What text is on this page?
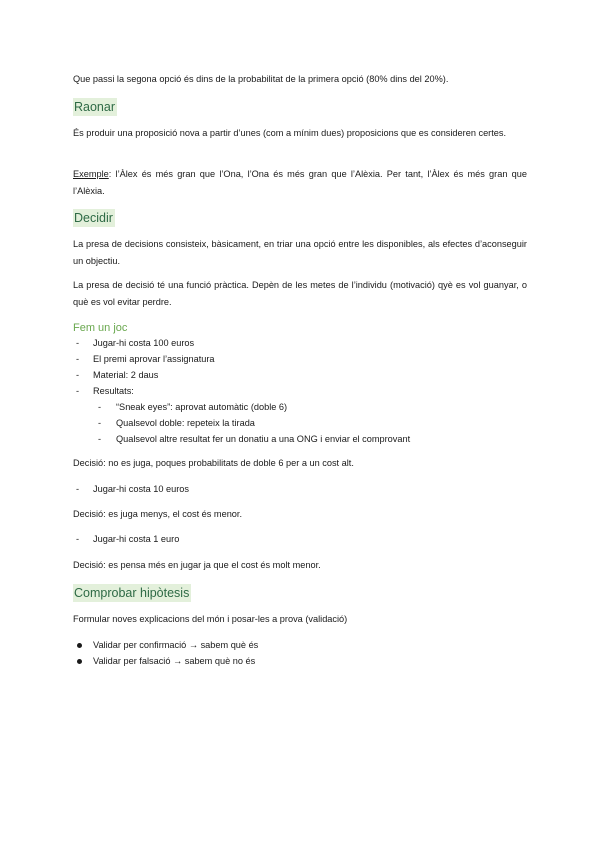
Que passi la segona opció és dins de la probabilitat de la primera opció (80% dins del 20%).

Raonar

És produir una proposició nova a partir d’unes (com a mínim dues) proposicions que es consideren certes.

Exemple: l’Àlex és més gran que l’Ona, l’Ona és més gran que l’Alèxia. Per tant, l’Àlex és més gran que l’Alèxia.

Decidir

La presa de decisions consisteix, bàsicament, en triar una opció entre les disponibles, als efectes d’aconseguir un objectiu.

La presa de decisió té una funció pràctica. Depèn de les metes de l’individu (motivació) qyè es vol guanyar, o què es vol evitar perdre.

Fem un joc
- Jugar-hi costa 100 euros
- El premi aprovar l’assignatura
- Material: 2 daus
- Resultats:
- “Sneak eyes”: aprovat automàtic (doble 6)
- Qualsevol doble: repeteix la tirada
- Qualsevol altre resultat fer un donatiu a una ONG i enviar el comprovant

Decisió: no es juga, poques probabilitats de doble 6 per a un cost alt.

- Jugar-hi costa 10 euros

Decisió: es juga menys, el cost és menor.

- Jugar-hi costa 1 euro

Decisió: es pensa més en jugar ja que el cost és molt menor.

Comprobar hipòtesis

Formular noves explicacions del món i posar-les a prova (validació)

Validar per confirmació → sabem què és
Validar per falsació → sabem què no és
